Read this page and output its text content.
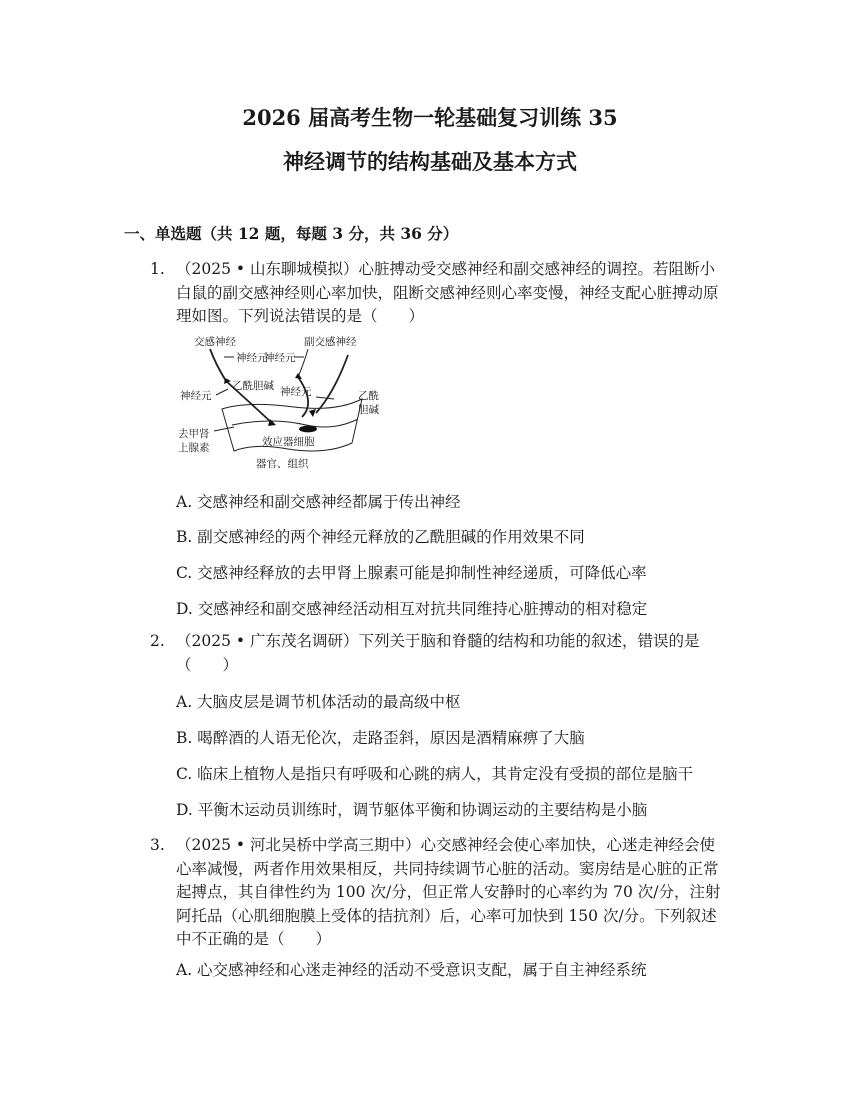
2026 届高考生物一轮基础复习训练 35
神经调节的结构基础及基本方式
一、单选题（共 12 题，每题 3 分，共 36 分）
1. （2025 • 山东聊城模拟）心脏搏动受交感神经和副交感神经的调控。若阻断小白鼠的副交感神经则心率加快，阻断交感神经则心率变慢，神经支配心脏搏动原理如图。下列说法错误的是（　　）
交感神经
神经元
副交感神经
神经元
乙酰胆碱
神经元	神经元	乙酰
胆碱
去甲肾
上腺素	效应器细胞
器官、组织
A. 交感神经和副交感神经都属于传出神经
B. 副交感神经的两个神经元释放的乙酰胆碱的作用效果不同
C. 交感神经释放的去甲肾上腺素可能是抑制性神经递质，可降低心率
D. 交感神经和副交感神经活动相互对抗共同维持心脏搏动的相对稳定
2. （2025 • 广东茂名调研）下列关于脑和脊髓的结构和功能的叙述，错误的是（　　）
A. 大脑皮层是调节机体活动的最高级中枢
B. 喝醉酒的人语无伦次，走路歪斜，原因是酒精麻痹了大脑
C. 临床上植物人是指只有呼吸和心跳的病人，其肯定没有受损的部位是脑干
D. 平衡木运动员训练时，调节躯体平衡和协调运动的主要结构是小脑
3. （2025 • 河北吴桥中学高三期中）心交感神经会使心率加快，心迷走神经会使心率减慢，两者作用效果相反，共同持续调节心脏的活动。窦房结是心脏的正常起搏点，其自律性约为 100 次/分，但正常人安静时的心率约为 70 次/分，注射阿托品（心肌细胞膜上受体的拮抗剂）后，心率可加快到 150 次/分。下列叙述中不正确的是（　　）
A. 心交感神经和心迷走神经的活动不受意识支配，属于自主神经系统
